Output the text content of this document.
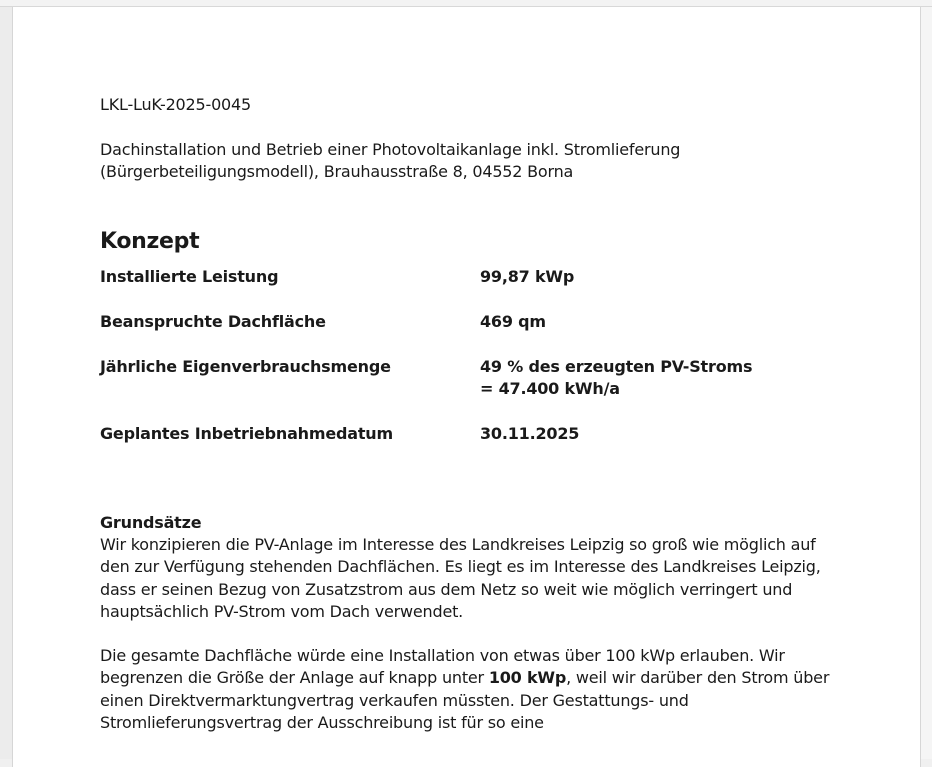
LKL-LuK-2025-0045

Dachinstallation und Betrieb einer Photovoltaikanlage inkl. Stromlieferung
(Bürgerbeteiligungsmodell), Brauhausstraße 8, 04552 Borna

Konzept
Installierte Leistung	99,87 kWp
Beanspruchte Dachfläche	469 qm
Jährliche Eigenverbrauchsmenge	49 % des erzeugten PV-Stroms
= 47.400 kWh/a
Geplantes Inbetriebnahmedatum	30.11.2025
Grundsätze

Wir konzipieren die PV-Anlage im Interesse des Landkreises Leipzig so groß wie möglich auf den zur Verfügung stehenden Dachflächen. Es liegt es im Interesse des Landkreises Leipzig, dass er seinen Bezug von Zusatzstrom aus dem Netz so weit wie möglich verringert und hauptsächlich PV-Strom vom Dach verwendet.

Die gesamte Dachfläche würde eine Installation von etwas über 100 kWp erlauben. Wir begrenzen die Größe der Anlage auf knapp unter 100 kWp, weil wir darüber den Strom über einen Direktvermarktungvertrag verkaufen müssten. Der Gestattungs- und Stromlieferungsvertrag der Ausschreibung ist für so eine
